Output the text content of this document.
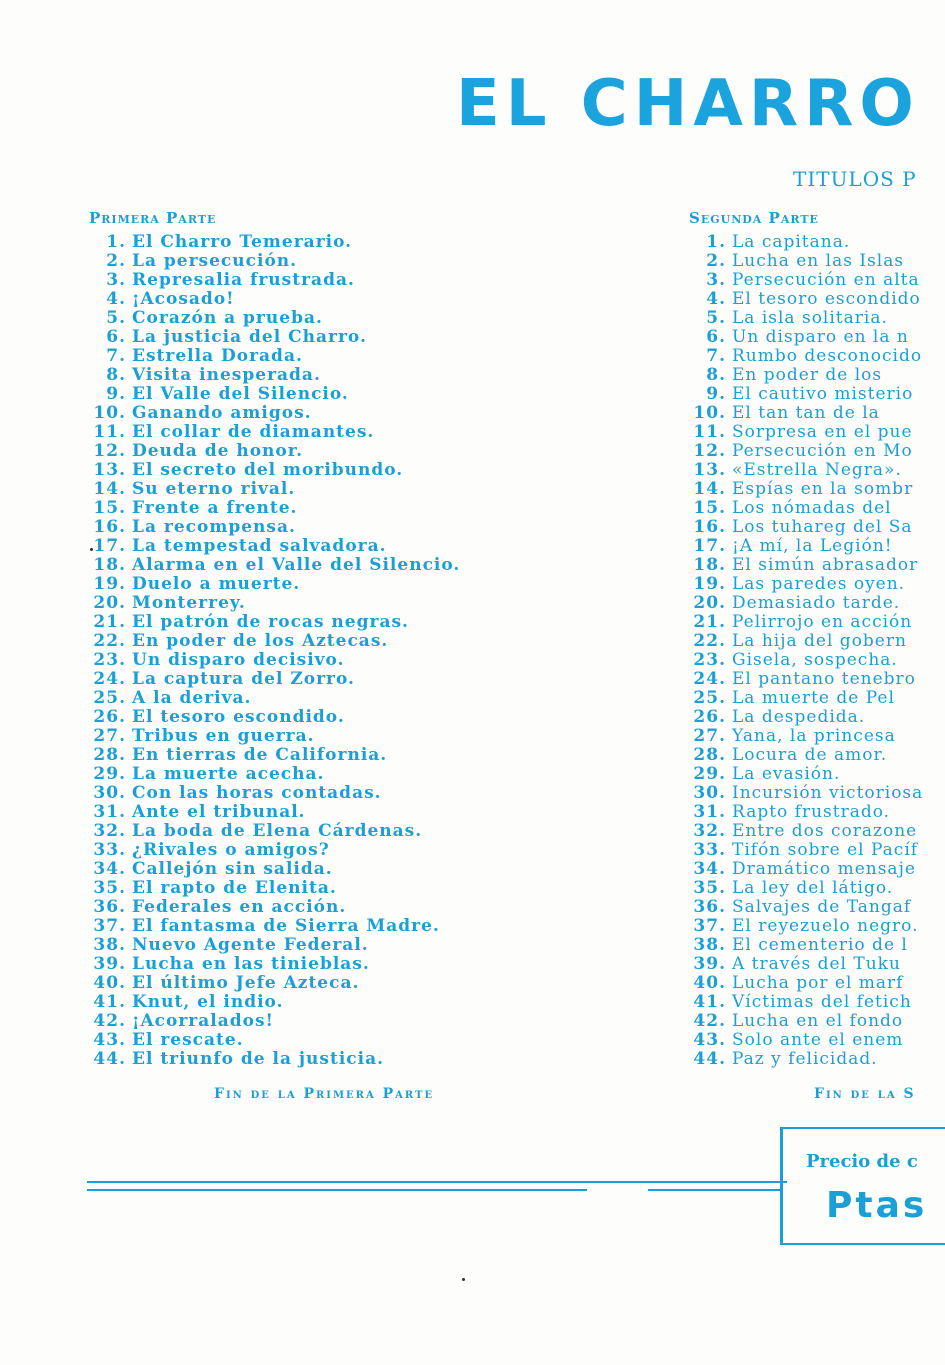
EL CHARRO
TITULOS P
Primera Parte
1. El Charro Temerario.
2. La persecución.
3. Represalia frustrada.
4. ¡Acosado!
5. Corazón a prueba.
6. La justicia del Charro.
7. Estrella Dorada.
8. Visita inesperada.
9. El Valle del Silencio.
10. Ganando amigos.
11. El collar de diamantes.
12. Deuda de honor.
13. El secreto del moribundo.
14. Su eterno rival.
15. Frente a frente.
16. La recompensa.
17. La tempestad salvadora.
18. Alarma en el Valle del Silencio.
19. Duelo a muerte.
20. Monterrey.
21. El patrón de rocas negras.
22. En poder de los Aztecas.
23. Un disparo decisivo.
24. La captura del Zorro.
25. A la deriva.
26. El tesoro escondido.
27. Tribus en guerra.
28. En tierras de California.
29. La muerte acecha.
30. Con las horas contadas.
31. Ante el tribunal.
32. La boda de Elena Cárdenas.
33. ¿Rivales o amigos?
34. Callejón sin salida.
35. El rapto de Elenita.
36. Federales en acción.
37. El fantasma de Sierra Madre.
38. Nuevo Agente Federal.
39. Lucha en las tinieblas.
40. El último Jefe Azteca.
41. Knut, el indio.
42. ¡Acorralados!
43. El rescate.
44. El triunfo de la justicia.
Fin de la Primera Parte
Segunda Parte
1. La capitana.
2. Lucha en las Islas
3. Persecución en alta
4. El tesoro escondido
5. La isla solitaria.
6. Un disparo en la n
7. Rumbo desconocido
8. En poder de los
9. El cautivo misterio
10. El tan tan de la
11. Sorpresa en el pue
12. Persecución en Mo
13. «Estrella Negra».
14. Espías en la sombr
15. Los nómadas del
16. Los tuhareg del Sa
17. ¡A mí, la Legión!
18. El simún abrasador
19. Las paredes oyen.
20. Demasiado tarde.
21. Pelirrojo en acción
22. La hija del gobern
23. Gisela, sospecha.
24. El pantano tenebro
25. La muerte de Pel
26. La despedida.
27. Yana, la princesa
28. Locura de amor.
29. La evasión.
30. Incursión victoriosa
31. Rapto frustrado.
32. Entre dos corazone
33. Tifón sobre el Pacíf
34. Dramático mensaje
35. La ley del látigo.
36. Salvajes de Tangaf
37. El reyezuelo negro.
38. El cementerio de l
39. A través del Tuku
40. Lucha por el marf
41. Víctimas del fetich
42. Lucha en el fondo
43. Solo ante el enem
44. Paz y felicidad.
Fin de la S
Precio de c
Ptas
